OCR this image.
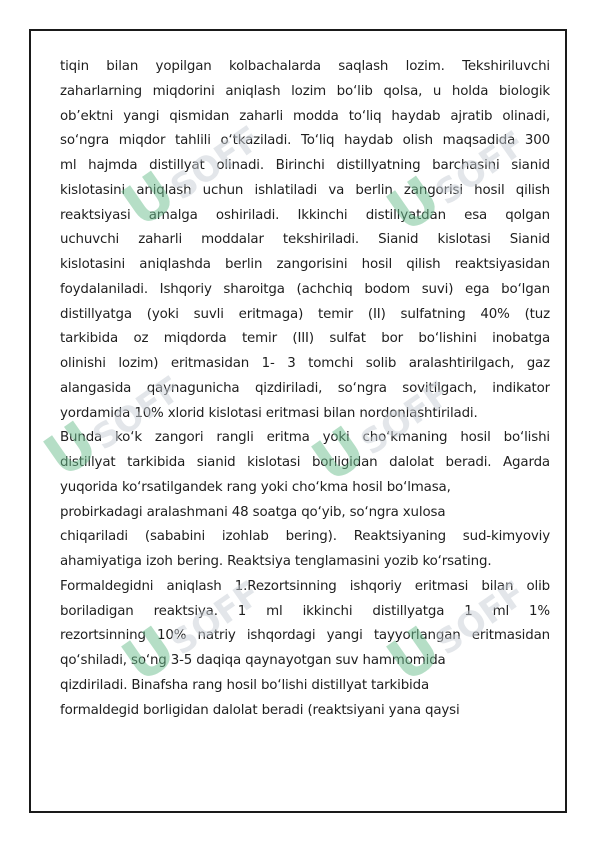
tiqin bilan yopilgan kolbachalarda saqlash lozim. Tekshiriluvchi
zaharlarning miqdorini aniqlash lozim bo‘lib qolsa, u holda biologik
ob’ektni yangi qismidan zaharli modda to‘liq haydab ajratib olinadi,
so‘ngra miqdor tahlili o‘tkaziladi. To‘liq haydab olish maqsadida 300
ml hajmda distillyat olinadi. Birinchi distillyatning barchasini sianid
kislotasini aniqlash uchun ishlatiladi va berlin zangorisi hosil qilish
reaktsiyasi amalga oshiriladi. Ikkinchi distillyatdan esa qolgan
uchuvchi zaharli moddalar tekshiriladi. Sianid kislotasi Sianid
kislotasini aniqlashda berlin zangorisini hosil qilish reaktsiyasidan
foydalaniladi. Ishqoriy sharoitga (achchiq bodom suvi) ega bo‘lgan
distillyatga (yoki suvli eritmaga) temir (II) sulfatning 40% (tuz
tarkibida oz miqdorda temir (III) sulfat bor bo‘lishini inobatga
olinishi lozim) eritmasidan 1- 3 tomchi solib aralashtirilgach, gaz
alangasida qaynagunicha qizdiriladi, so‘ngra sovitilgach, indikator
yordamida 10% xlorid kislotasi eritmasi bilan nordonlashtiriladi.
Bunda ko‘k zangori rangli eritma yoki cho‘kmaning hosil bo‘lishi
distillyat tarkibida sianid kislotasi borligidan dalolat beradi. Agarda
yuqorida ko‘rsatilgandek rang yoki cho‘kma hosil bo‘lmasa,
probirkadagi aralashmani 48 soatga qo‘yib, so‘ngra xulosa
chiqariladi (sababini izohlab bering). Reaktsiyaning sud-kimyoviy
ahamiyatiga izoh bering. Reaktsiya tenglamasini yozib ko‘rsating.
Formaldegidni aniqlash 1.Rezortsinning ishqoriy eritmasi bilan olib
boriladigan reaktsiya. 1 ml ikkinchi distillyatga 1 ml 1%
rezortsinning 10% natriy ishqordagi yangi tayyorlangan eritmasidan
qo‘shiladi, so‘ng 3-5 daqiqa qaynayotgan suv hammomida
qizdiriladi. Binafsha rang hosil bo‘lishi distillyat tarkibida
formaldegid borligidan dalolat beradi (reaktsiyani yana qaysi
USOFF USOFF
USOFF USOFF
USOFF USOFF
